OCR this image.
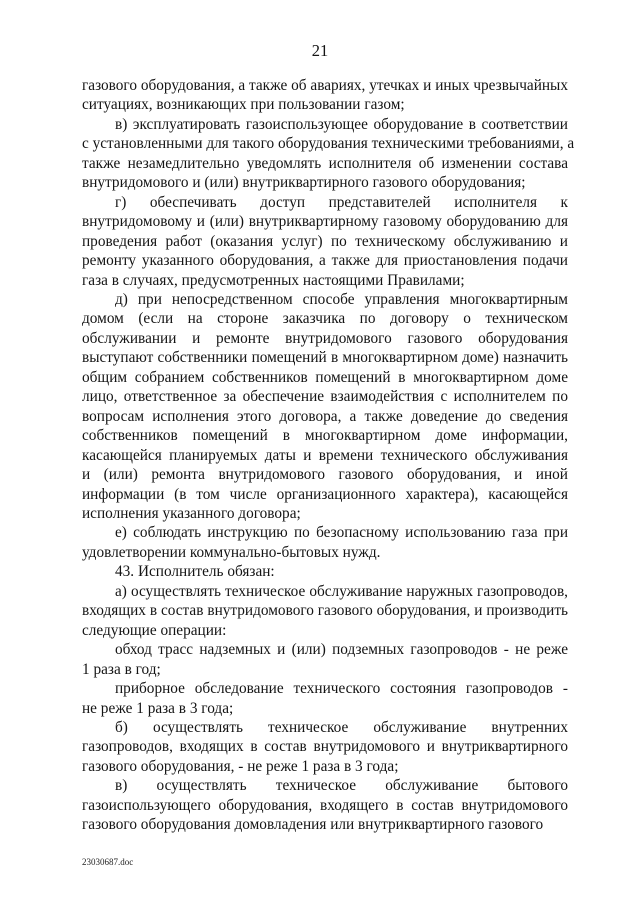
21

газового оборудования, а также об авариях, утечках и иных чрезвычайных
ситуациях, возникающих при пользовании газом;

в) эксплуатировать газоиспользующее оборудование в соответствии
с установленными для такого оборудования техническими требованиями, а
также незамедлительно уведомлять исполнителя об изменении состава
внутридомового и (или) внутриквартирного газового оборудования;

г) обеспечивать доступ представителей исполнителя к
внутридомовому и (или) внутриквартирному газовому оборудованию для
проведения работ (оказания услуг) по техническому обслуживанию и
ремонту указанного оборудования, а также для приостановления подачи
газа в случаях, предусмотренных настоящими Правилами;

д) при непосредственном способе управления многоквартирным
домом (если на стороне заказчика по договору о техническом
обслуживании и ремонте внутридомового газового оборудования
выступают собственники помещений в многоквартирном доме) назначить
общим собранием собственников помещений в многоквартирном доме
лицо, ответственное за обеспечение взаимодействия с исполнителем по
вопросам исполнения этого договора, а также доведение до сведения
собственников помещений в многоквартирном доме информации,
касающейся планируемых даты и времени технического обслуживания
и (или) ремонта внутридомового газового оборудования, и иной
информации (в том числе организационного характера), касающейся
исполнения указанного договора;

е) соблюдать инструкцию по безопасному использованию газа при
удовлетворении коммунально-бытовых нужд.

43. Исполнитель обязан:

а) осуществлять техническое обслуживание наружных газопроводов,
входящих в состав внутридомового газового оборудования, и производить
следующие операции:

обход трасс надземных и (или) подземных газопроводов - не реже
1 раза в год;

приборное обследование технического состояния газопроводов -
не реже 1 раза в 3 года;

б) осуществлять техническое обслуживание внутренних
газопроводов, входящих в состав внутридомового и внутриквартирного
газового оборудования, - не реже 1 раза в 3 года;

в) осуществлять техническое обслуживание бытового
газоиспользующего оборудования, входящего в состав внутридомового
газового оборудования домовладения или внутриквартирного газового

23030687.doc
